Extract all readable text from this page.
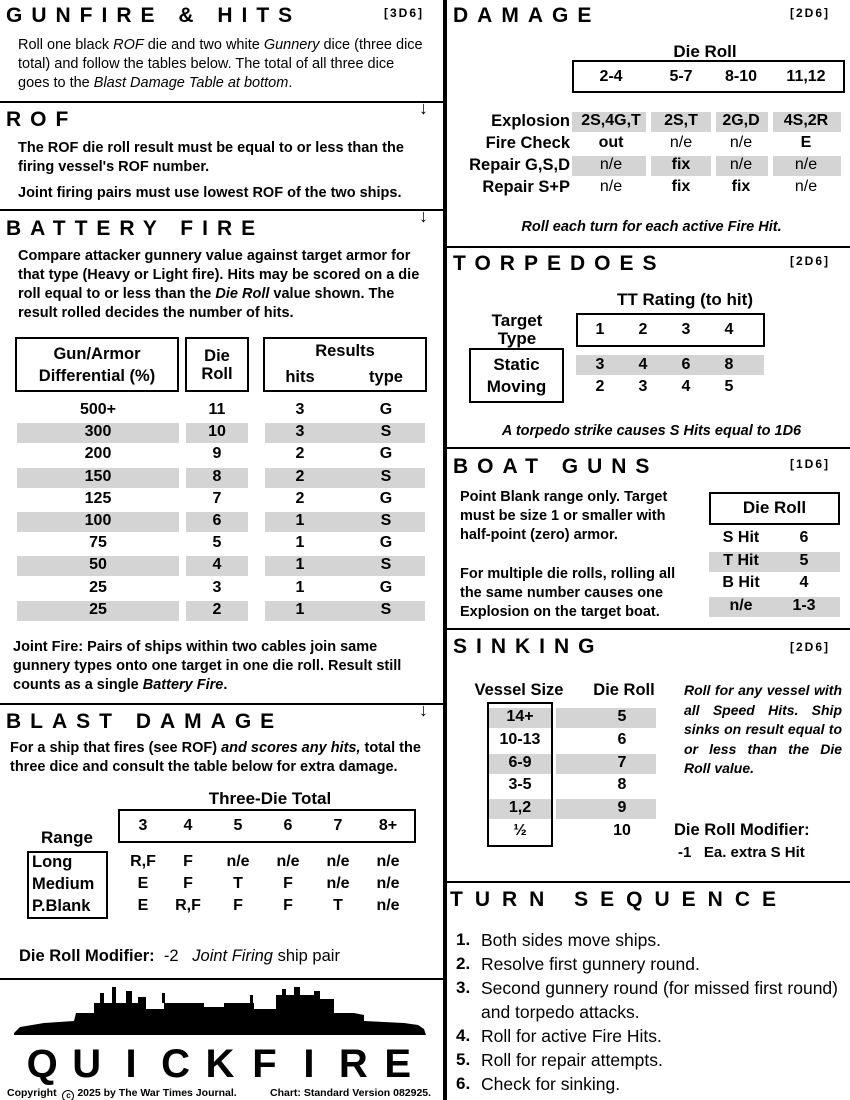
GUNFIRE & HITS	[3D6]
Roll one black ROF die and two white Gunnery dice (three dice total) and follow the tables below. The total of all three dice goes to the Blast Damage Table at bottom.
↓
ROF
The ROF die roll result must be equal to or less than the firing vessel's ROF number.
Joint firing pairs must use lowest ROF of the two ships.
↓
BATTERY FIRE
Compare attacker gunnery value against target armor for that type (Heavy or Light fire). Hits may be scored on a die roll equal to or less than the Die Roll value shown. The result rolled decides the number of hits.
Gun/Armor
Differential (%)
Die
Roll
Results
hits	type
500+	11	3	G
300	10	3	S
200	9	2	G
150	8	2	S
125	7	2	G
100	6	1	S
75	5	1	G
50	4	1	S
25	3	1	G
25	2	1	S
Joint Fire: Pairs of ships within two cables join same gunnery types onto one target in one die roll. Result still counts as a single Battery Fire.
↓
BLAST DAMAGE
For a ship that fires (see ROF) and scores any hits, total the three dice and consult the table below for extra damage.
Three-Die Total
Range
3	4	5	6	7	8+
Long	R,F	F	n/e	n/e	n/e	n/e
Medium	E	F	T	F	n/e	n/e
P.Blank	E	R,F	F	F	T	n/e
Die Roll Modifier: -2 Joint Firing ship pair
Q U I C K F I R E
Copyright c 2025 by The War Times Journal.	Chart: Standard Version 082925.
DAMAGE	[2D6]
Die Roll
2-4	5-7	8-10	11,12
Explosion 2S,4G,T	2S,T	2G,D	4S,2R
Fire Check	out	n/e	n/e	E
Repair G,S,D	n/e	fix	n/e	n/e
Repair S+P	n/e	fix	fix	n/e
Roll each turn for each active Fire Hit.
TORPEDOES	[2D6]
TT Rating (to hit)
Target
Type
Static
Moving
1	2	3	4
3	4	6	8
2	3	4	5
A torpedo strike causes S Hits equal to 1D6
BOAT GUNS	[1D6]
Point Blank range only. Target must be size 1 or smaller with half-point (zero) armor.
For multiple die rolls, rolling all the same number causes one Explosion on the target boat.
Die Roll
S Hit	6
T Hit	5
B Hit	4
n/e	1-3
SINKING	[2D6]
Vessel Size	Die Roll
14+	5
10-13	6
6-9	7
3-5	8
1,2	9
½	10
Roll for any vessel with all Speed Hits. Ship sinks on result equal to or less than the Die Roll value.
Die Roll Modifier:
-1 Ea. extra S Hit
TURN SEQUENCE
1. Both sides move ships.
2. Resolve first gunnery round.
3. Second gunnery round (for missed first round) and torpedo attacks.
4. Roll for active Fire Hits.
5. Roll for repair attempts.
6. Check for sinking.
